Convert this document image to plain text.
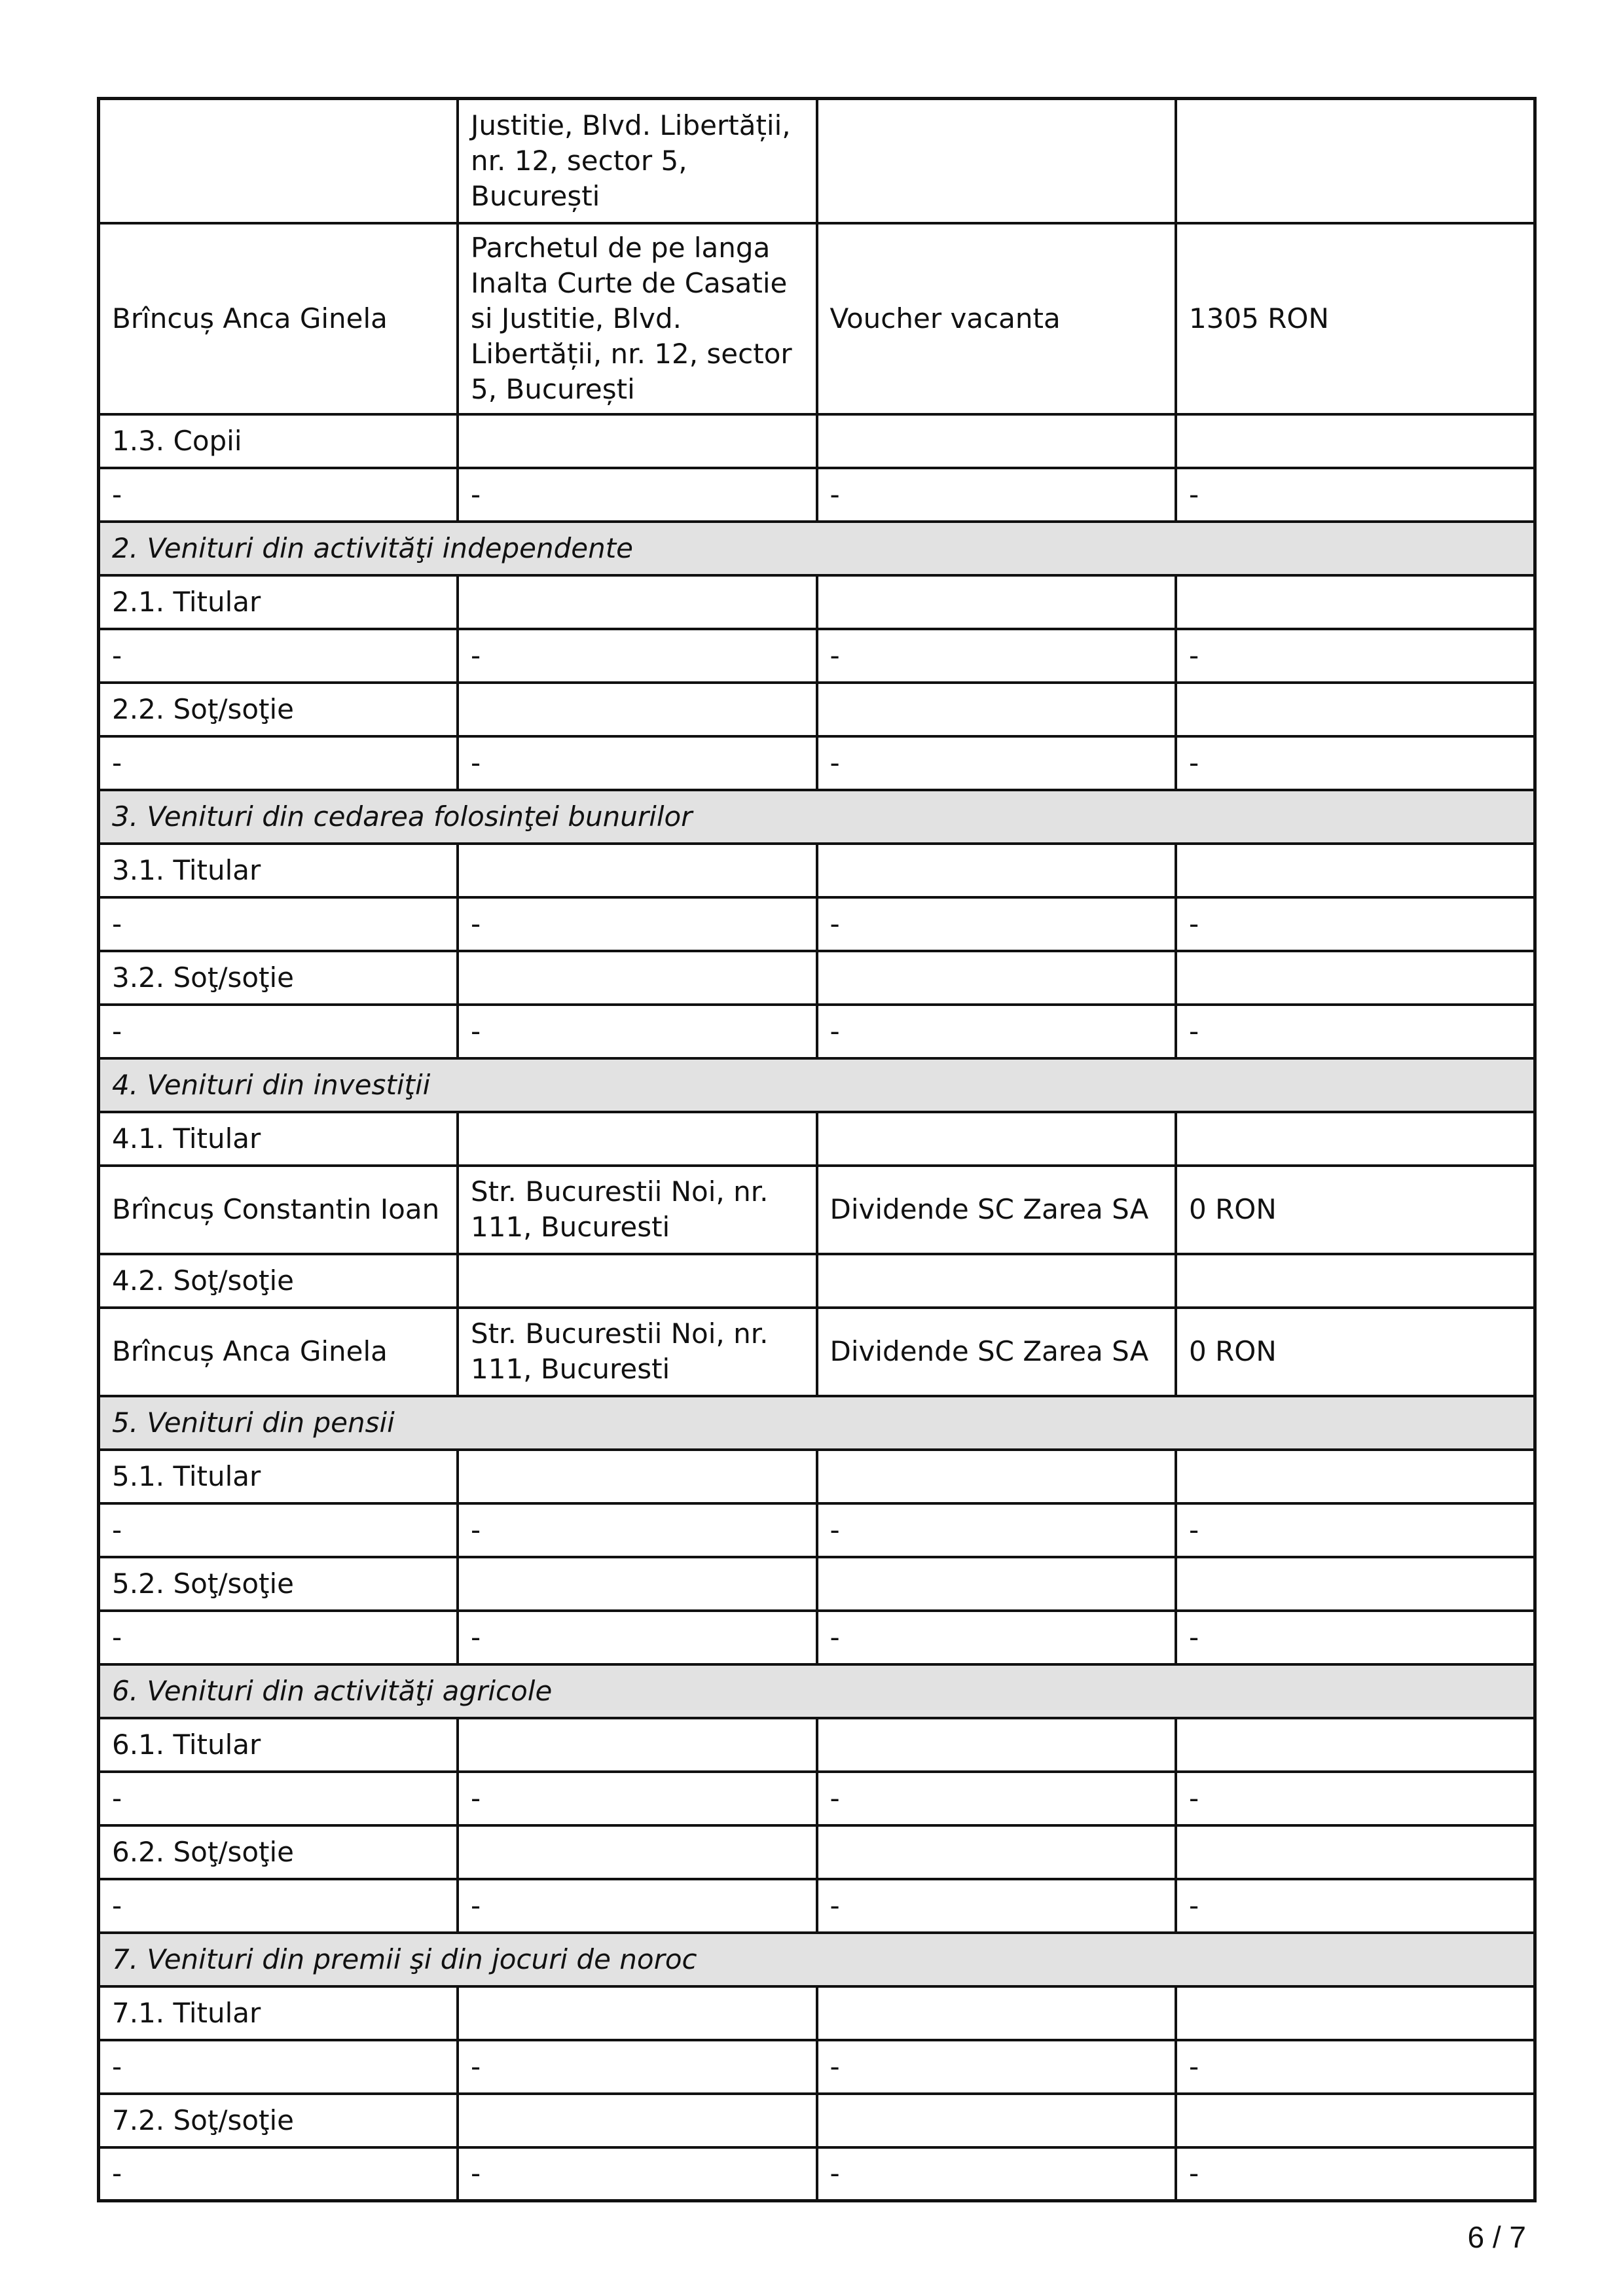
	Justitie, Blvd. Libertății, nr. 12, sector 5, București		
Brîncuș Anca Ginela	Parchetul de pe langa Inalta Curte de Casatie si Justitie, Blvd. Libertății, nr. 12, sector 5, București	Voucher vacanta	1305 RON
1.3. Copii			
-	-	-	-
2. Venituri din activităţi independente			
2.1. Titular			
-	-	-	-
2.2. Soţ/soţie			
-	-	-	-
3. Venituri din cedarea folosinţei bunurilor			
3.1. Titular			
-	-	-	-
3.2. Soţ/soţie			
-	-	-	-
4. Venituri din investiţii			
4.1. Titular			
Brîncuș Constantin Ioan	Str. Bucurestii Noi, nr. 111, Bucuresti	Dividende SC Zarea SA	0 RON
4.2. Soţ/soţie			
Brîncuș Anca Ginela	Str. Bucurestii Noi, nr. 111, Bucuresti	Dividende SC Zarea SA	0 RON
5. Venituri din pensii			
5.1. Titular			
-	-	-	-
5.2. Soţ/soţie			
-	-	-	-
6. Venituri din activităţi agricole			
6.1. Titular			
-	-	-	-
6.2. Soţ/soţie			
-	-	-	-
7. Venituri din premii şi din jocuri de noroc			
7.1. Titular			
-	-	-	-
7.2. Soţ/soţie			
-	-	-	-
6 / 7
